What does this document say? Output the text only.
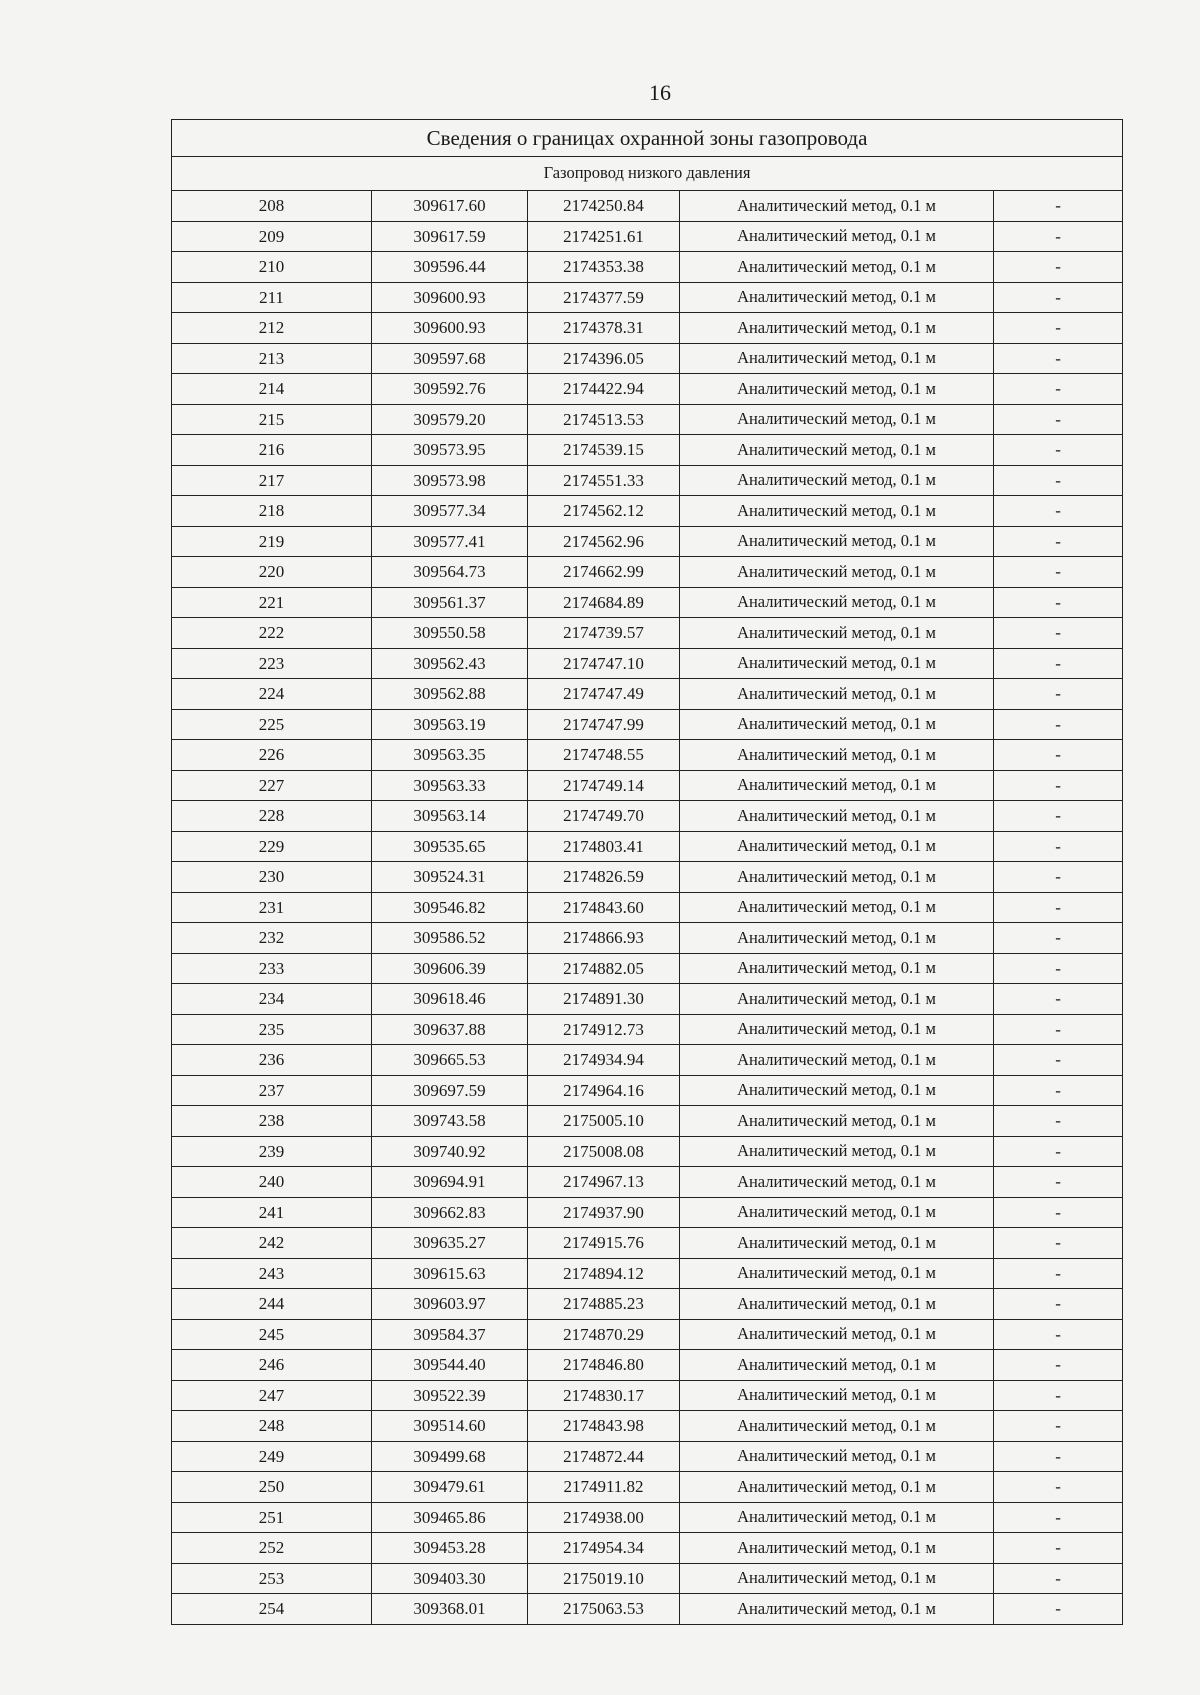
16
Сведения о границах охранной зоны газопровода				
Газопровод низкого давления				
208	309617.60	2174250.84	Аналитический метод, 0.1 м	-
209	309617.59	2174251.61	Аналитический метод, 0.1 м	-
210	309596.44	2174353.38	Аналитический метод, 0.1 м	-
211	309600.93	2174377.59	Аналитический метод, 0.1 м	-
212	309600.93	2174378.31	Аналитический метод, 0.1 м	-
213	309597.68	2174396.05	Аналитический метод, 0.1 м	-
214	309592.76	2174422.94	Аналитический метод, 0.1 м	-
215	309579.20	2174513.53	Аналитический метод, 0.1 м	-
216	309573.95	2174539.15	Аналитический метод, 0.1 м	-
217	309573.98	2174551.33	Аналитический метод, 0.1 м	-
218	309577.34	2174562.12	Аналитический метод, 0.1 м	-
219	309577.41	2174562.96	Аналитический метод, 0.1 м	-
220	309564.73	2174662.99	Аналитический метод, 0.1 м	-
221	309561.37	2174684.89	Аналитический метод, 0.1 м	-
222	309550.58	2174739.57	Аналитический метод, 0.1 м	-
223	309562.43	2174747.10	Аналитический метод, 0.1 м	-
224	309562.88	2174747.49	Аналитический метод, 0.1 м	-
225	309563.19	2174747.99	Аналитический метод, 0.1 м	-
226	309563.35	2174748.55	Аналитический метод, 0.1 м	-
227	309563.33	2174749.14	Аналитический метод, 0.1 м	-
228	309563.14	2174749.70	Аналитический метод, 0.1 м	-
229	309535.65	2174803.41	Аналитический метод, 0.1 м	-
230	309524.31	2174826.59	Аналитический метод, 0.1 м	-
231	309546.82	2174843.60	Аналитический метод, 0.1 м	-
232	309586.52	2174866.93	Аналитический метод, 0.1 м	-
233	309606.39	2174882.05	Аналитический метод, 0.1 м	-
234	309618.46	2174891.30	Аналитический метод, 0.1 м	-
235	309637.88	2174912.73	Аналитический метод, 0.1 м	-
236	309665.53	2174934.94	Аналитический метод, 0.1 м	-
237	309697.59	2174964.16	Аналитический метод, 0.1 м	-
238	309743.58	2175005.10	Аналитический метод, 0.1 м	-
239	309740.92	2175008.08	Аналитический метод, 0.1 м	-
240	309694.91	2174967.13	Аналитический метод, 0.1 м	-
241	309662.83	2174937.90	Аналитический метод, 0.1 м	-
242	309635.27	2174915.76	Аналитический метод, 0.1 м	-
243	309615.63	2174894.12	Аналитический метод, 0.1 м	-
244	309603.97	2174885.23	Аналитический метод, 0.1 м	-
245	309584.37	2174870.29	Аналитический метод, 0.1 м	-
246	309544.40	2174846.80	Аналитический метод, 0.1 м	-
247	309522.39	2174830.17	Аналитический метод, 0.1 м	-
248	309514.60	2174843.98	Аналитический метод, 0.1 м	-
249	309499.68	2174872.44	Аналитический метод, 0.1 м	-
250	309479.61	2174911.82	Аналитический метод, 0.1 м	-
251	309465.86	2174938.00	Аналитический метод, 0.1 м	-
252	309453.28	2174954.34	Аналитический метод, 0.1 м	-
253	309403.30	2175019.10	Аналитический метод, 0.1 м	-
254	309368.01	2175063.53	Аналитический метод, 0.1 м	-
